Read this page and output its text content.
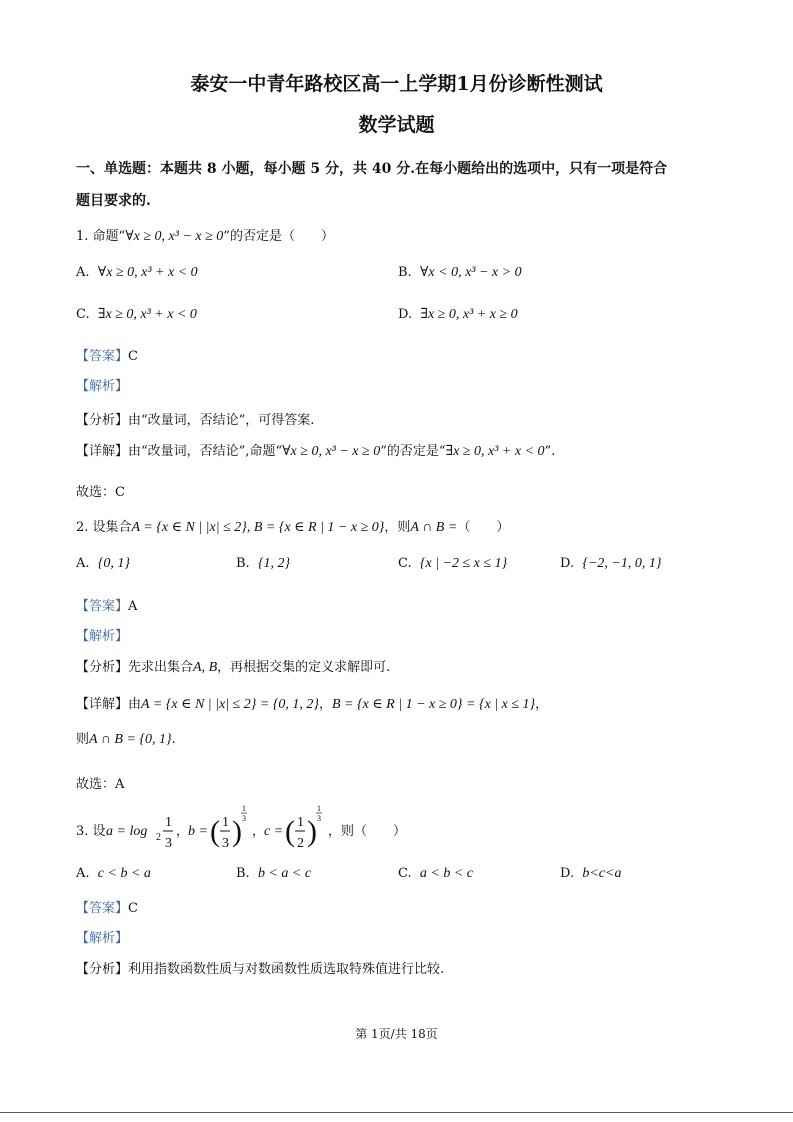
泰安一中青年路校区高一上学期1月份诊断性测试
数学试题
一、单选题：本题共 8 小题，每小题 5 分，共 40 分.在每小题给出的选项中，只有一项是符合
题目要求的.
1. 命题“∀x ≥ 0, x³ − x ≥ 0”的否定是（　　）
A. ∀x ≥ 0, x³ + x < 0	B. ∀x < 0, x³ − x > 0
C. ∃x ≥ 0, x³ + x < 0	D. ∃x ≥ 0, x³ + x ≥ 0
【答案】C
【解析】
【分析】由“改量词，否结论”，可得答案.
【详解】由“改量词，否结论”,命题“∀x ≥ 0, x³ − x ≥ 0”的否定是“∃x ≥ 0, x³ + x < 0”.
故选：C
2. 设集合A = {x ∈ N | |x| ≤ 2}, B = {x ∈ R | 1 − x ≥ 0}，则A ∩ B =（　　）
A. {0, 1}	B. {1, 2}	C. {x | −2 ≤ x ≤ 1}	D. {−2, −1, 0, 1}
【答案】A
【解析】
【分析】先求出集合A, B，再根据交集的定义求解即可.
【详解】由A = {x ∈ N | |x| ≤ 2} = {0, 1, 2}，B = {x ∈ R | 1 − x ≥ 0} = {x | x ≤ 1}，
则A ∩ B = {0, 1}.
故选：A
3. 设 a = log 2
1
3
，
b = ( 1
3 )
1
3
，
c = ( 1
2 )
1
3
，则（　　）
A. c < b < a	B. b < a < c	C. a < b < c	D. b<c<a
【答案】C
【解析】
【分析】利用指数函数性质与对数函数性质选取特殊值进行比较.
第 1页/共 18页
